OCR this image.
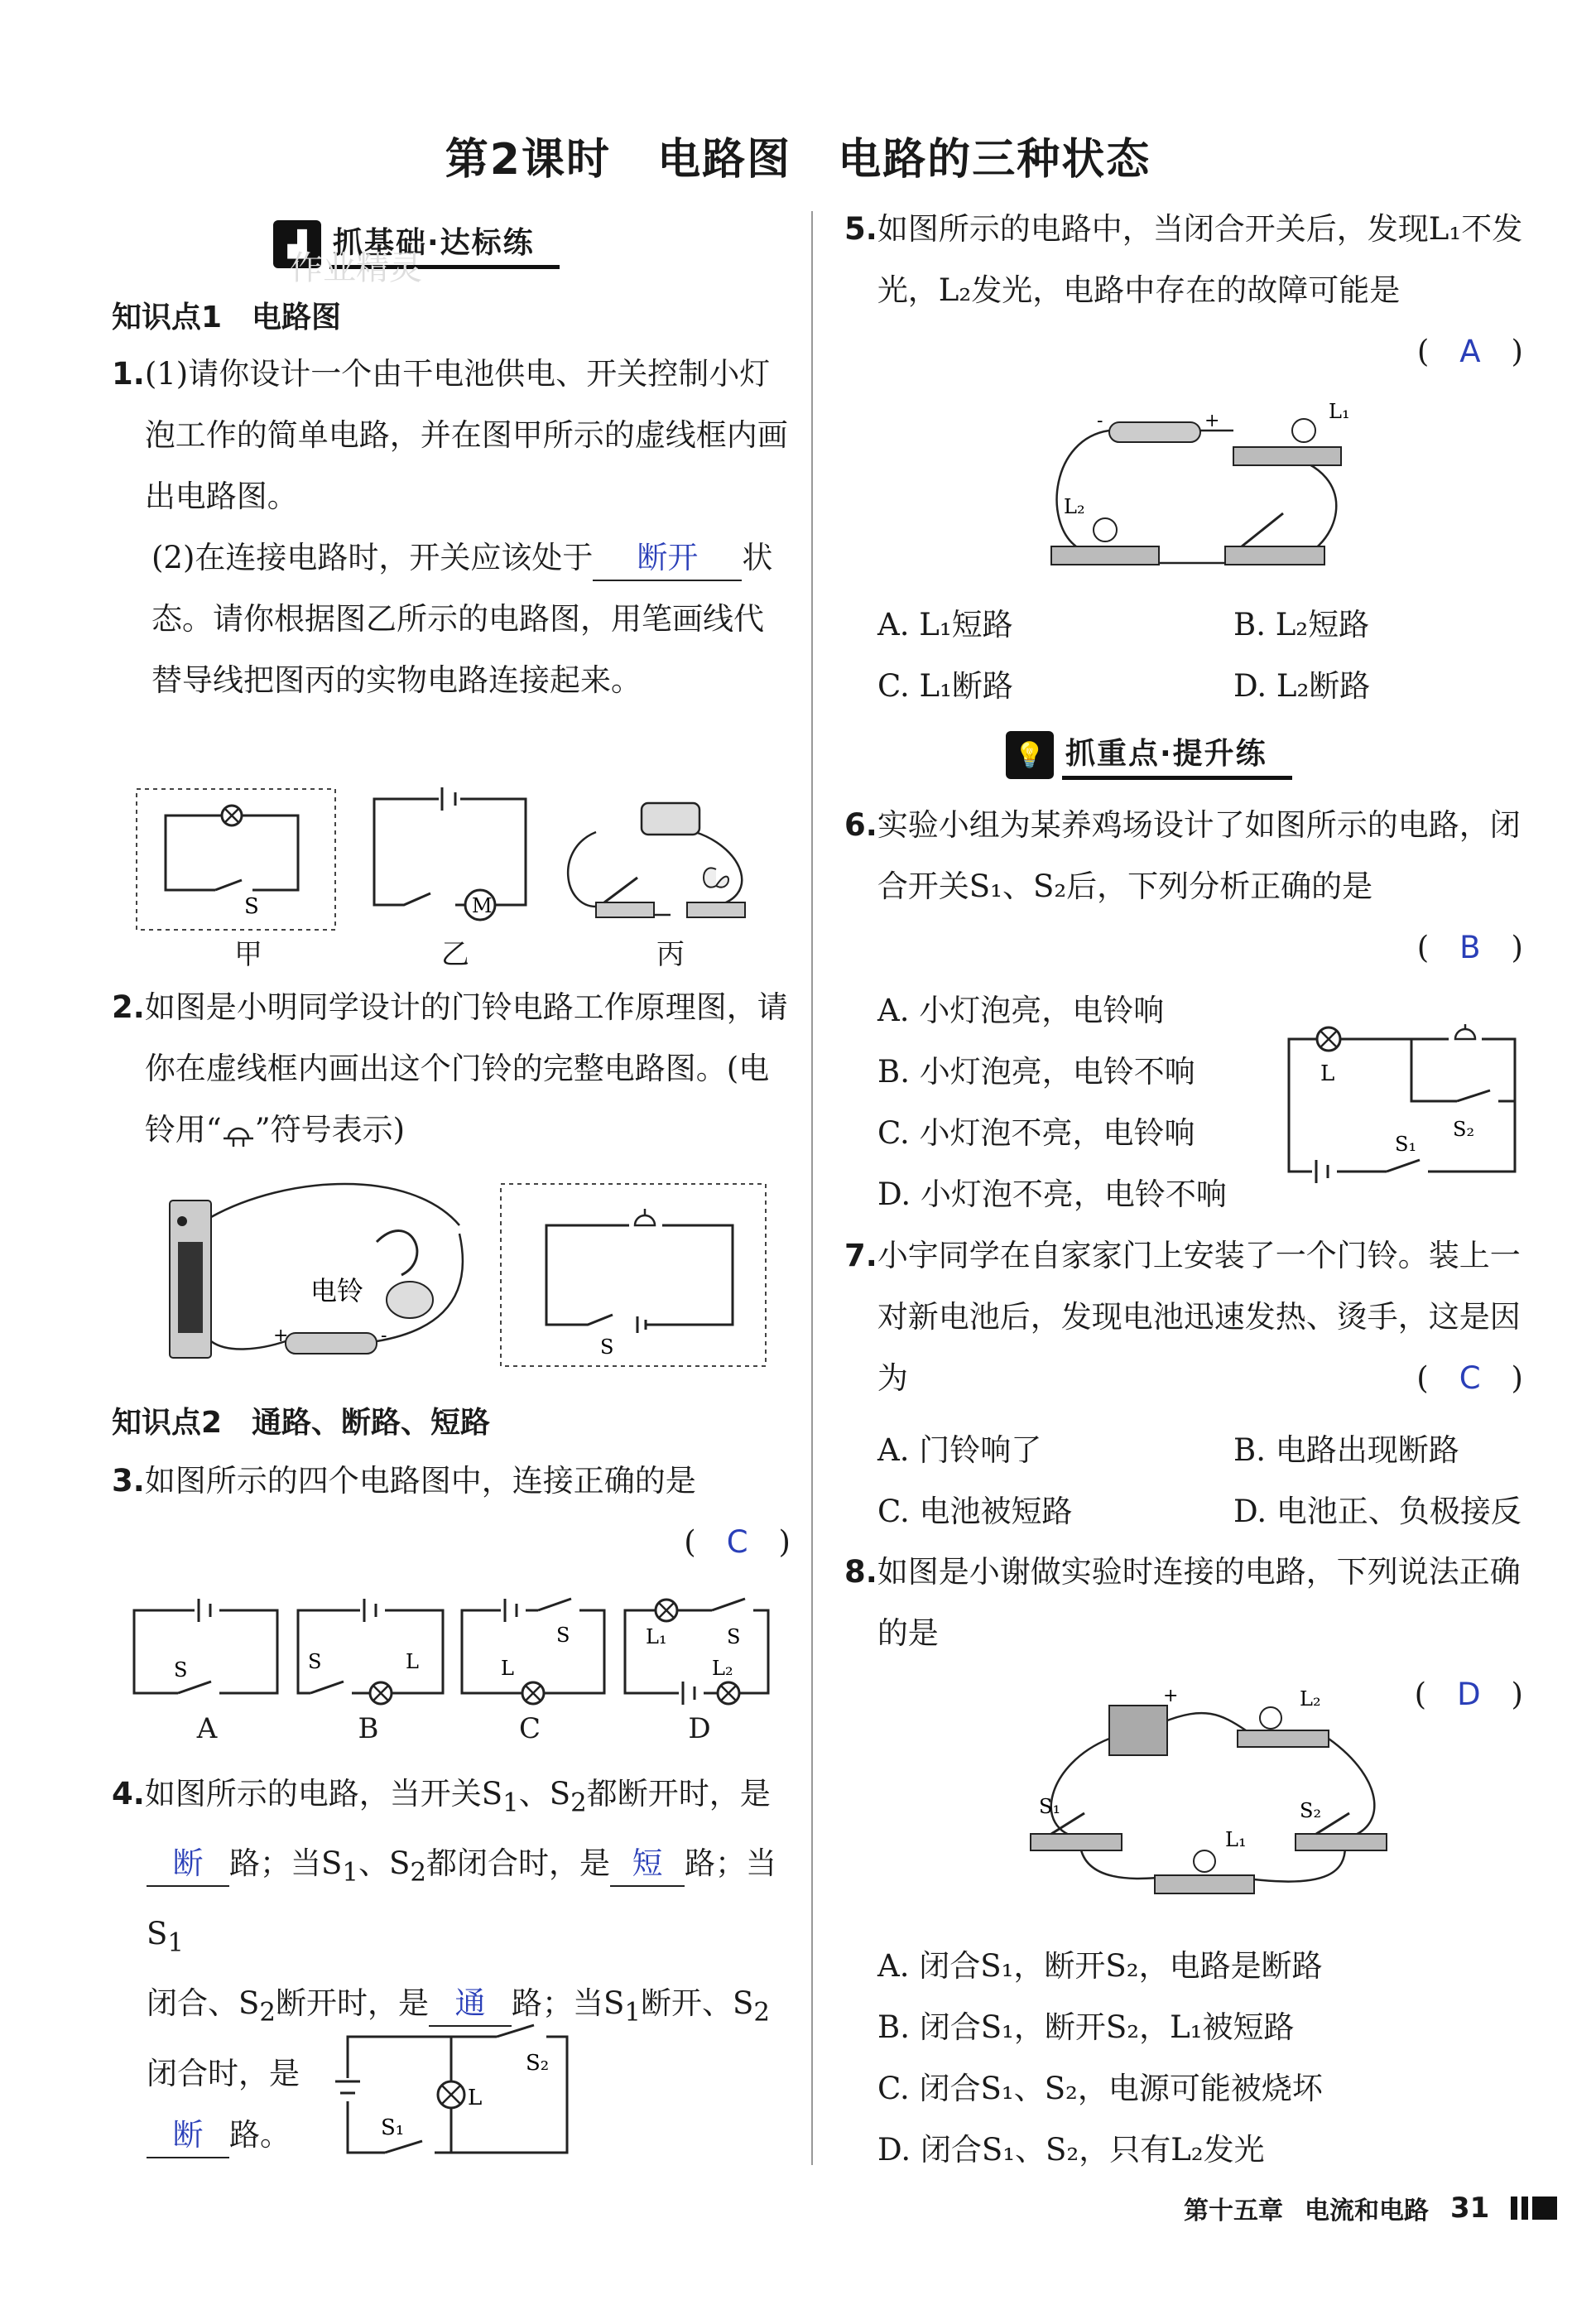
第2课时 电路图 电路的三种状态
▟ 抓基础·达标练
作业精灵
知识点1　电路图
1. (1)请你设计一个由干电池供电、开关控制小灯泡工作的简单电路，并在图甲所示的虚线框内画出电路图。
(2)在连接电路时，开关应该处于 断开 状态。请你根据图乙所示的电路图，用笔画线代替导线把图丙的实物电路连接起来。
S	M
甲	乙	丙
2. 如图是小明同学设计的门铃电路工作原理图，请你在虚线框内画出这个门铃的完整电路图。(电铃用“ ”符号表示)
+	-
电铃
S
知识点2　通路、断路、短路
3. 如图所示的四个电路图中，连接正确的是
(　C　)
S	S	L
S
L
L₁	S
L₂
A	B	C	D
4. 如图所示的电路，当开关$S_1$、$S_2$都断开时，是
断 路；当$S_1$、$S_2$都闭合时，是 短 路；当$S_1$
闭合、$S_2$断开时，是 通 路；当$S_1$断开、$S_2$闭合时，是
断 路。
L
S₂
S₁
5. 如图所示的电路中，当闭合开关后，发现L₁不发光，L₂发光，电路中存在的故障可能是
(　A　)
-	+	L₁
L₂
A. L₁短路	B. L₂短路
C. L₁断路	D. L₂断路
💡 抓重点·提升练
6. 实验小组为某养鸡场设计了如图所示的电路，闭合开关S₁、S₂后，下列分析正确的是
(　B　)
A. 小灯泡亮，电铃响
B. 小灯泡亮，电铃不响
C. 小灯泡不亮，电铃响
D. 小灯泡不亮，电铃不响
L
S₂
S₁
7. 小宇同学在自家家门上安装了一个门铃。装上一对新电池后，发现电池迅速发热、烫手，这是因为	(　C　)
A. 门铃响了	B. 电路出现断路
C. 电池被短路	D. 电池正、负极接反
8. 如图是小谢做实验时连接的电路，下列说法正确的是
(　D　)
+	L₂
S₁	S₂
L₁
A. 闭合S₁，断开S₂，电路是断路
B. 闭合S₁，断开S₂，L₁被短路
C. 闭合S₁、S₂，电源可能被烧坏
D. 闭合S₁、S₂，只有L₂发光
第十五章 电流和电路 31
